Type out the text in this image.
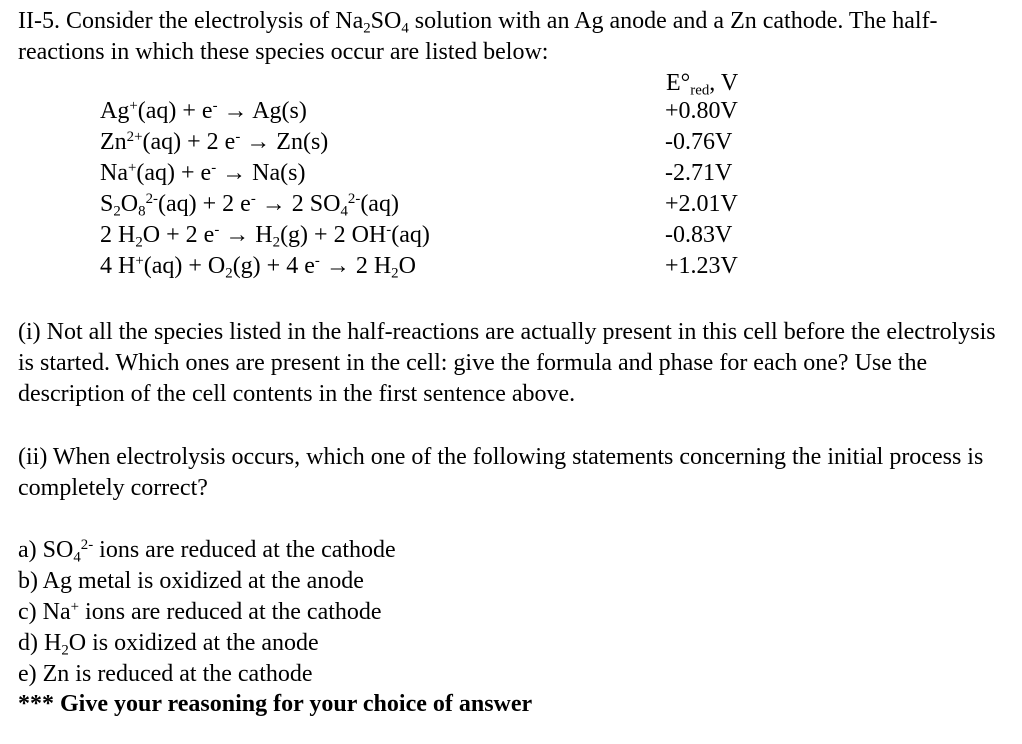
II-5. Consider the electrolysis of $Na_2SO_4$ solution with an Ag anode and a Zn cathode. The half-reactions in which these species occur are listed below:
$E^\circ_{red}$, V
Ag+(aq) + e- → Ag(s)	+0.80V
$Zn^{2+}(aq) + 2$ e- → Zn(s)	-0.76V
Na+(aq) + e- → Na(s)	-2.71V
$S_2O_8^{2-}(aq) + 2$ e- → 2 $SO_4^{2-}(aq)$	+2.01V
2 $H_2O + 2$ $e^- \to H_2(g) + 2$ OH-(aq)	-0.83V
4 $H^+(aq) + O_2(g) + 4$ e- → 2 $H_2O$	+1.23V
(i) Not all the species listed in the half-reactions are actually present in this cell before the electrolysis is started. Which ones are present in the cell: give the formula and phase for each one? Use the description of the cell contents in the first sentence above.
(ii) When electrolysis occurs, which one of the following statements concerning the initial process is completely correct?
a) $SO_4^{2-}$ ions are reduced at the cathode
b) Ag metal is oxidized at the anode
c) Na+ ions are reduced at the cathode
d) $H_2O$ is oxidized at the anode
e) Zn is reduced at the cathode
*** Give your reasoning for your choice of answer
